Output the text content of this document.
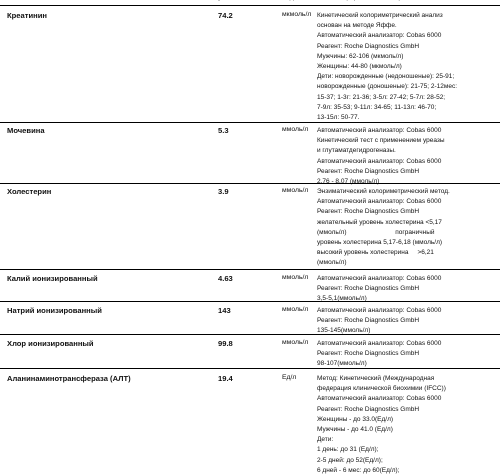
Креатинин	74.2	мкмоль/л Кинетический колориметрический анализ
основан на методе Яффе.
Автоматический анализатор: Cobas 6000
Реагент: Roche Diagnostics GmbH
Мужчины: 62-106 (мкмоль/л)
Женщины: 44-80 (мкмоль/л)
Дети: новорожденные (недоношеные): 25-91;
новорожденные (доношеные): 21-75; 2-12мес:
15-37; 1-3г: 21-36; 3-5л: 27-42; 5-7л: 28-52;
7-9л: 35-53; 9-11л: 34-65; 11-13л: 46-70;
13-15л: 50-77.
Мочевина	5.3	ммоль/л Автоматический анализатор: Cobas 6000
Кинетический тест с применением уреазы
и глутаматдегидрогеназы.
Автоматический анализатор: Cobas 6000
Реагент: Roche Diagnostics GmbH
2,76 - 8.07 (ммоль/л)
Холестерин	3.9	ммоль/л Энзиматический колориметрический метод.
Автоматический анализатор: Cobas 6000
Реагент: Roche Diagnostics GmbH
желательный уровень холестерина <5,17
(ммоль/л)                           пограничный
уровень холестерина 5,17-6,18 (ммоль/л)
высокий уровень холестерина     >6,21
(ммоль/л)
Калий ионизированный	4.63	ммоль/л Автоматический анализатор: Cobas 6000
Реагент: Roche Diagnostics GmbH
3,5-5,1(ммоль/л)
Натрий ионизированный	143	ммоль/л Автоматический анализатор: Cobas 6000
Реагент: Roche Diagnostics GmbH
135-145(ммоль/л)
Хлор ионизированный	99.8	ммоль/л Автоматический анализатор: Cobas 6000
Реагент: Roche Diagnostics GmbH
98-107(ммоль/л)
Аланинаминотрансфераза (АЛТ)	19.4	Ед/л	Метод: Кинетический (Международная
федерация клинической биохимии (IFCC))
Автоматический анализатор: Cobas 6000
Реагент: Roche Diagnostics GmbH
Женщины - до 33.0(Ед/л)
Мужчины - до 41.0 (Ед/л)
Дети:
1 день: до 31 (Ед/л);
2-5 дней: до 52(Ед/л);
6 дней - 6 мес: до 60(Ед/л);
